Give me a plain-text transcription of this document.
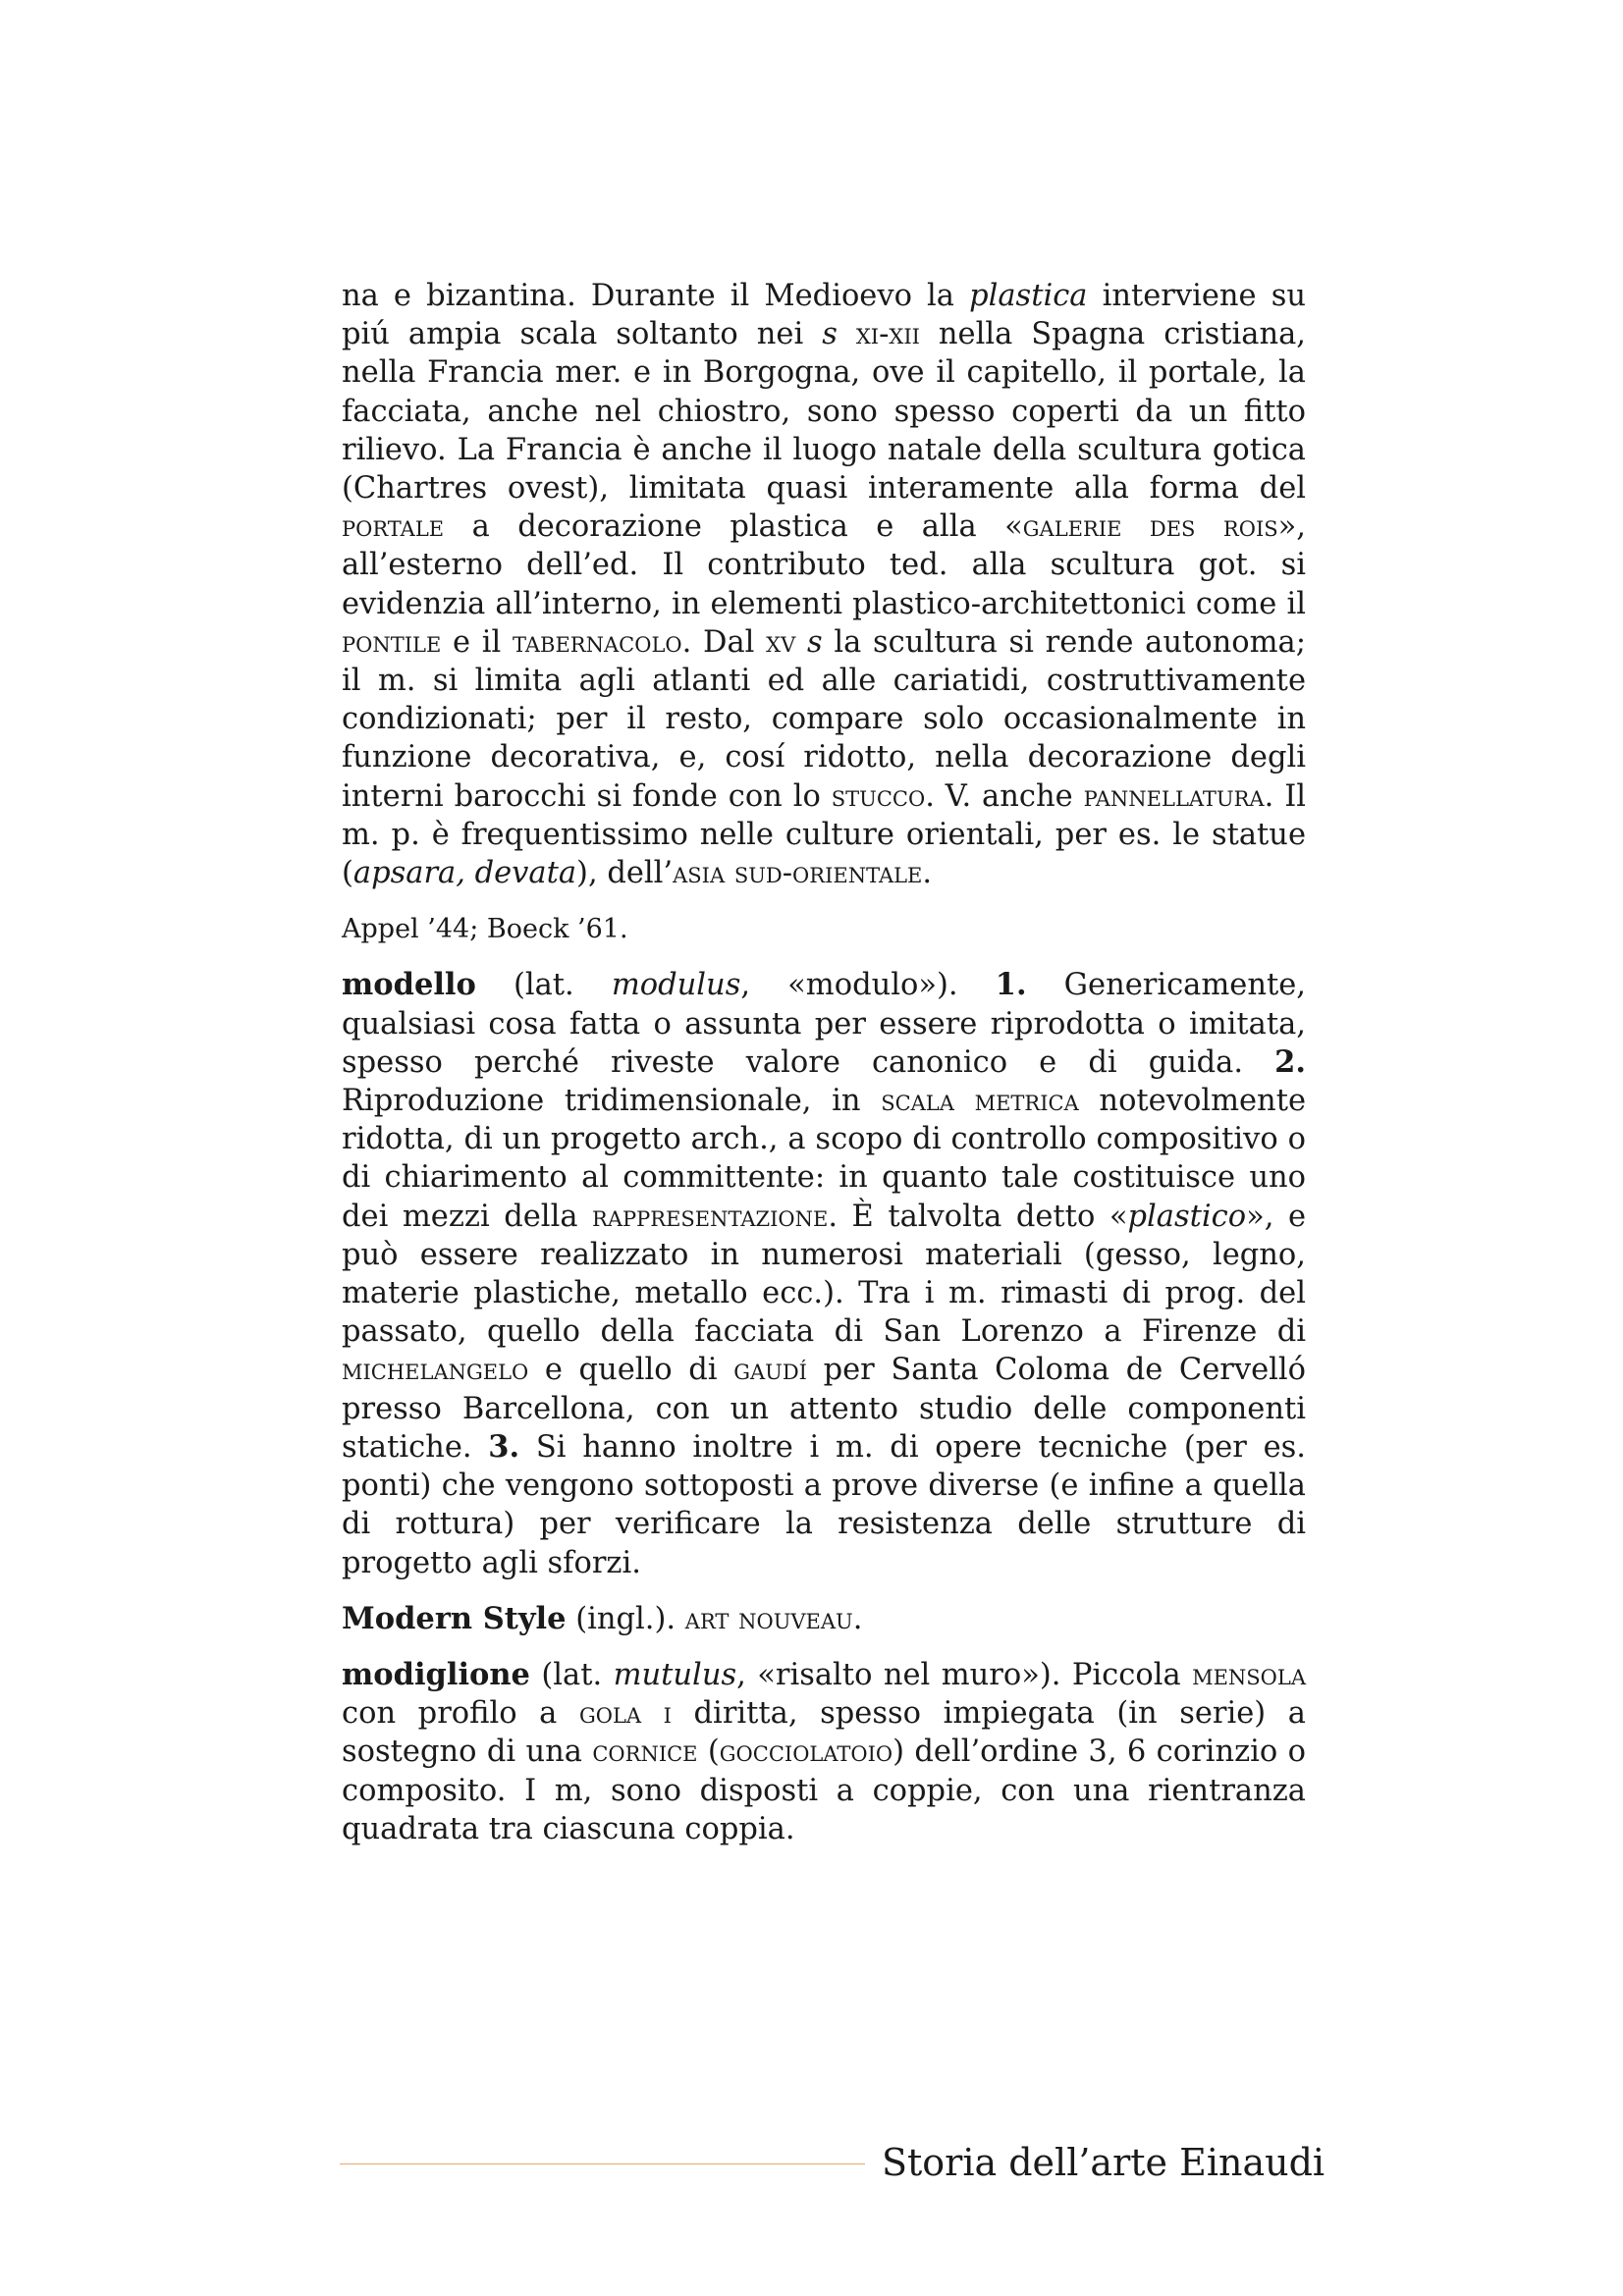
na e bizantina. Durante il Medioevo la plastica interviene su piú ampia scala soltanto nei s xi-xii nella Spagna cristiana, nella Francia mer. e in Borgogna, ove il capitello, il portale, la facciata, anche nel chiostro, sono spesso coperti da un fitto rilievo. La Francia è anche il luogo natale della scultura gotica (Chartres ovest), limitata quasi interamente alla forma del portale a decorazione plastica e alla «galerie des rois», all’esterno dell’ed. Il contributo ted. alla scultura got. si evidenzia all’interno, in elementi plastico-architettonici come il pontile e il tabernacolo. Dal xv s la scultura si rende autonoma; il m. si limita agli atlanti ed alle cariatidi, costruttivamente condizionati; per il resto, compare solo occasionalmente in funzione decorativa, e, cosí ridotto, nella decorazione degli interni barocchi si fonde con lo stucco. V. anche pannellatura. Il m. p. è frequentissimo nelle culture orientali, per es. le statue (apsara, devata), dell’asia sud-orientale.

Appel ’44; Boeck ’61.

modello (lat. modulus, «modulo»). 1. Genericamente, qualsiasi cosa fatta o assunta per essere riprodotta o imitata, spesso perché riveste valore canonico e di guida. 2. Riproduzione tridimensionale, in scala metrica notevolmente ridotta, di un progetto arch., a scopo di controllo compositivo o di chiarimento al committente: in quanto tale costituisce uno dei mezzi della rappresentazione. È talvolta detto «plastico», e può essere realizzato in numerosi materiali (gesso, legno, materie plastiche, metallo ecc.). Tra i m. rimasti di prog. del passato, quello della facciata di San Lorenzo a Firenze di michelangelo e quello di gaudí per Santa Coloma de Cervelló presso Barcellona, con un attento studio delle componenti statiche. 3. Si hanno inoltre i m. di opere tecniche (per es. ponti) che vengono sottoposti a prove diverse (e infine a quella di rottura) per verificare la resistenza delle strutture di progetto agli sforzi.

Modern Style (ingl.). art nouveau.

modiglione (lat. mutulus, «risalto nel muro»). Piccola mensola con profilo a gola i diritta, spesso impiegata (in serie) a sostegno di una cornice (gocciolatoio) dell’ordine 3, 6 corinzio o composito. I m, sono disposti a coppie, con una rientranza quadrata tra ciascuna coppia.

Storia dell’arte Einaudi
